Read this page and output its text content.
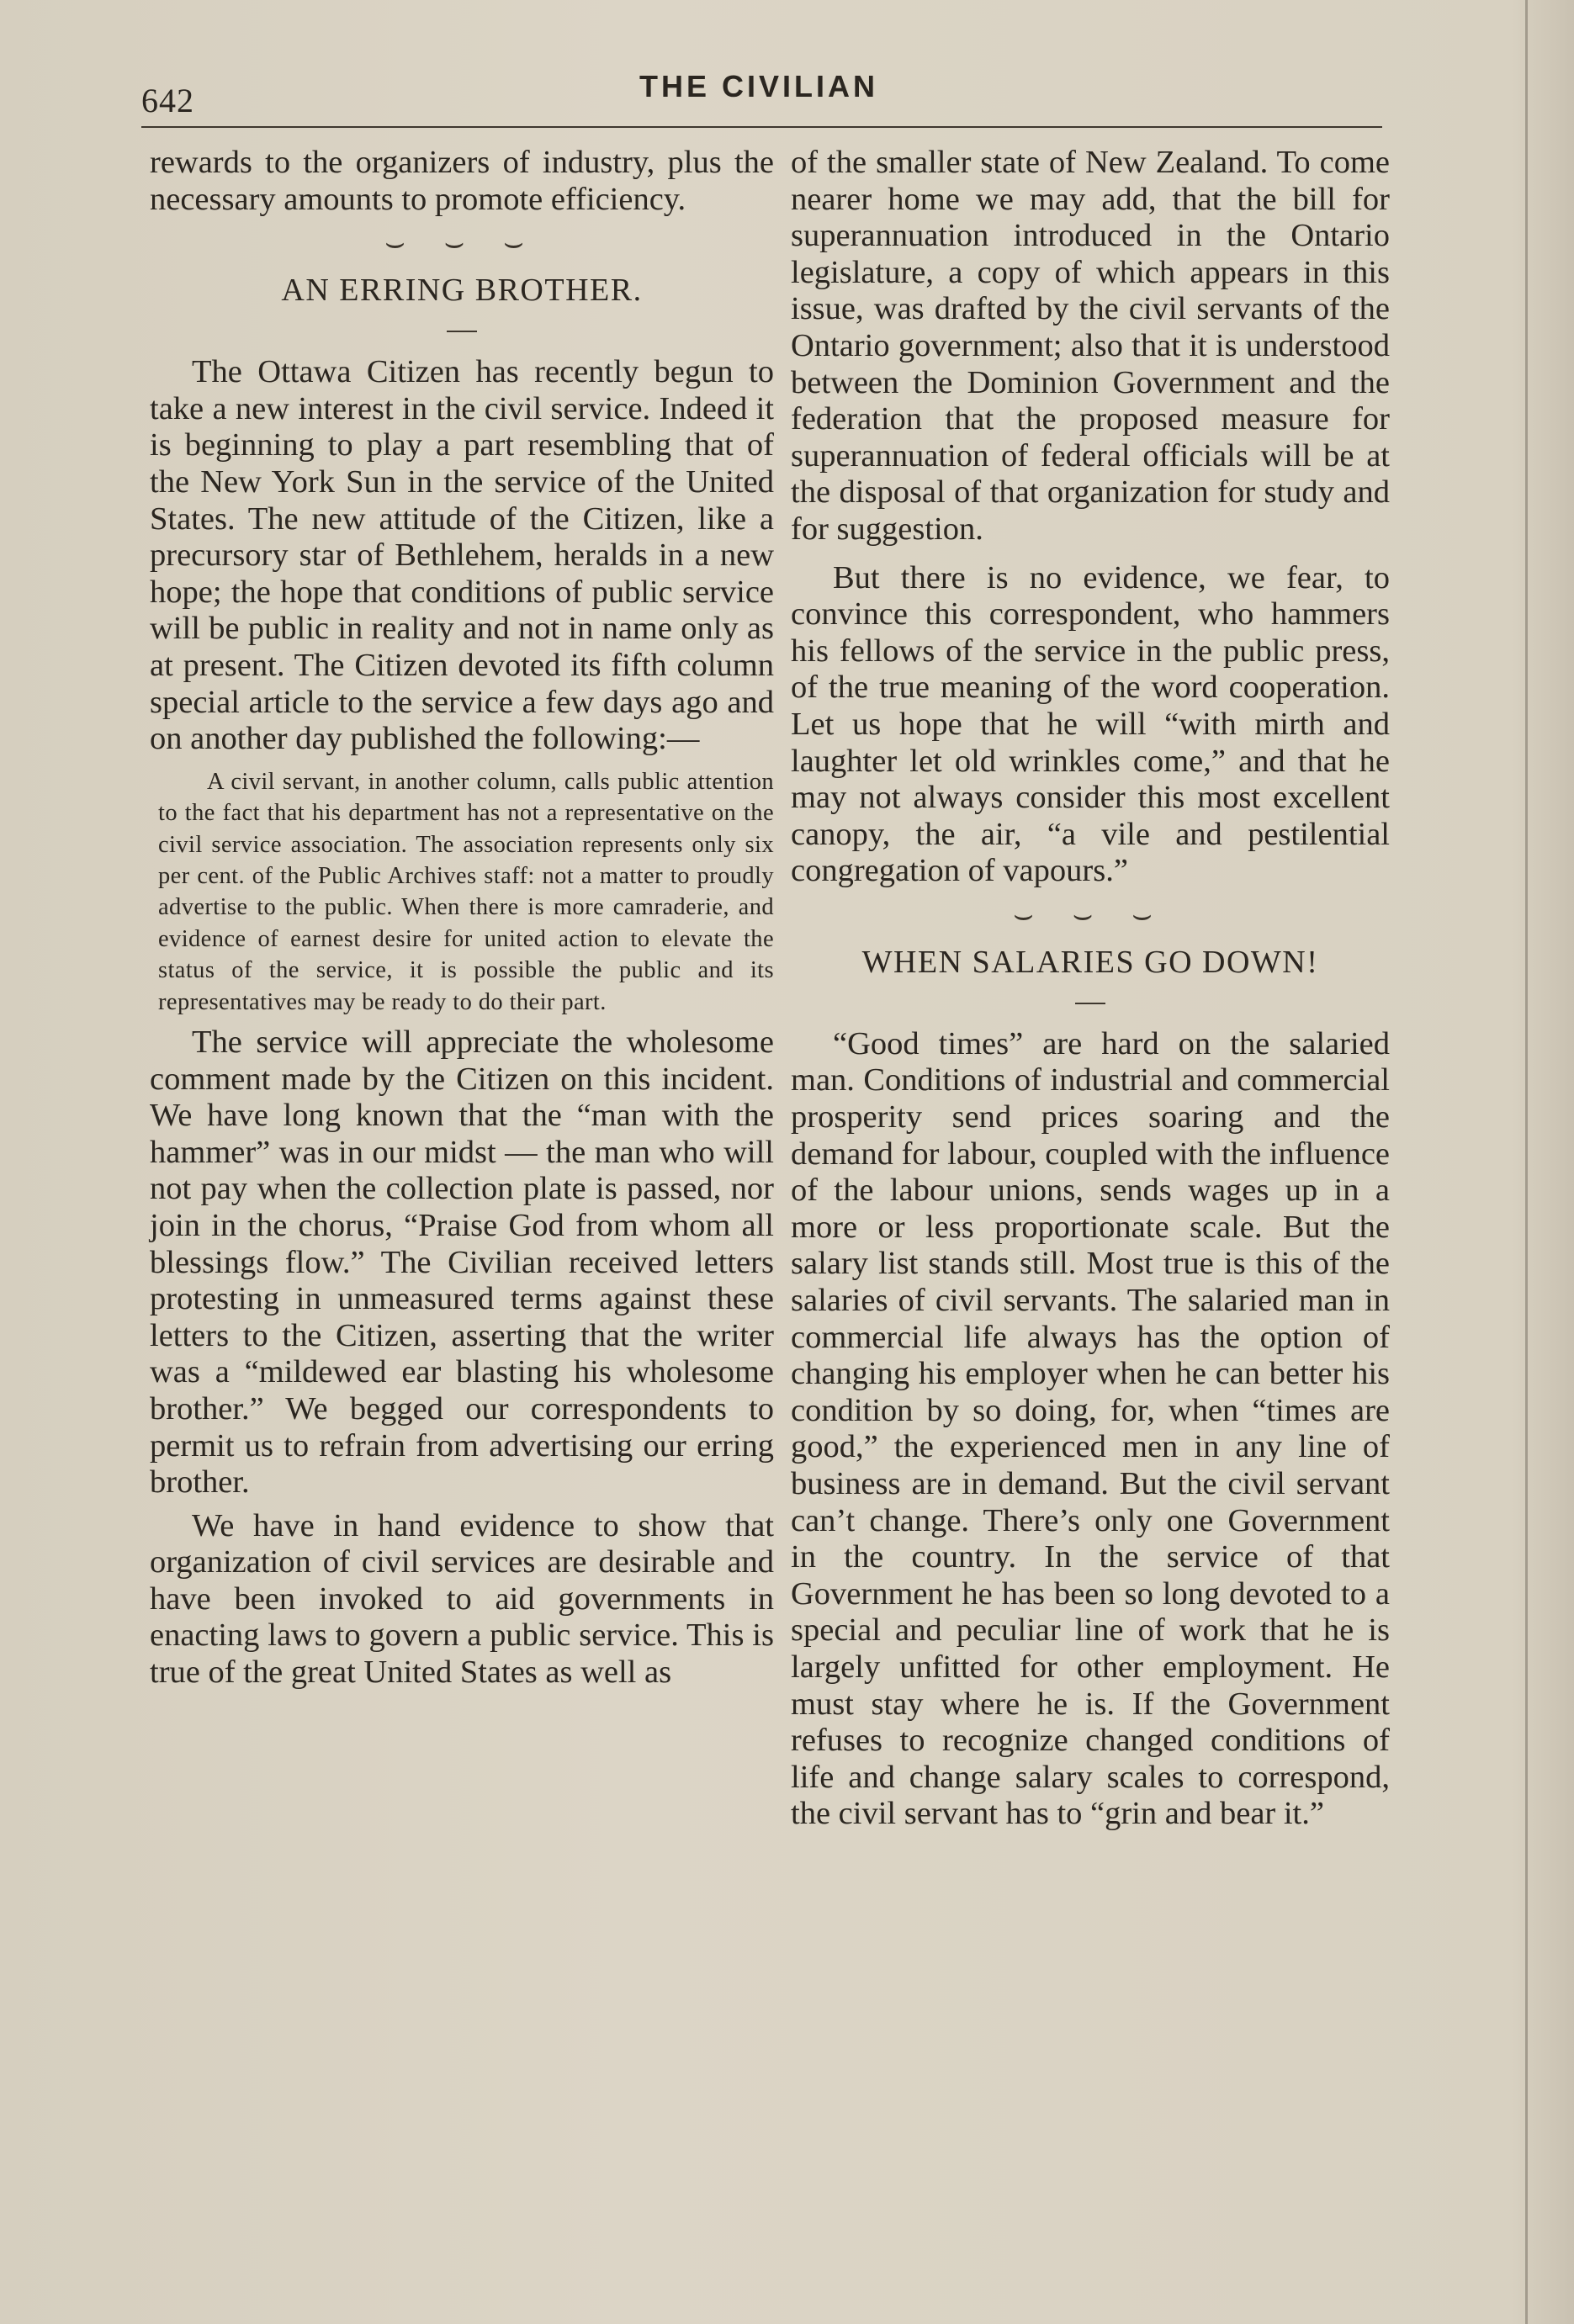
642	THE CIVILIAN

rewards to the organizers of industry, plus the necessary amounts to promote efficiency.

⌣ ⌣ ⌣
AN ERRING BROTHER.

The Ottawa Citizen has recently begun to take a new interest in the civil service. Indeed it is beginning to play a part resembling that of the New York Sun in the service of the United States. The new attitude of the Citizen, like a precursory star of Bethlehem, heralds in a new hope; the hope that conditions of public service will be public in reality and not in name only as at present. The Citizen devoted its fifth column special article to the service a few days ago and on another day published the following:—

A civil servant, in another column, calls public attention to the fact that his department has not a representative on the civil service association. The association represents only six per cent. of the Public Archives staff: not a matter to proudly advertise to the public. When there is more camraderie, and evidence of earnest desire for united action to elevate the status of the service, it is possible the public and its representatives may be ready to do their part.

The service will appreciate the wholesome comment made by the Citizen on this incident. We have long known that the “man with the hammer” was in our midst — the man who will not pay when the collection plate is passed, nor join in the chorus, “Praise God from whom all blessings flow.” The Civilian received letters protesting in unmeasured terms against these letters to the Citizen, asserting that the writer was a “mildewed ear blasting his wholesome brother.” We begged our correspondents to permit us to refrain from advertising our erring brother.

We have in hand evidence to show that organization of civil services are desirable and have been invoked to aid governments in enacting laws to govern a public service. This is true of the great United States as well as

of the smaller state of New Zealand. To come nearer home we may add, that the bill for superannuation introduced in the Ontario legislature, a copy of which appears in this issue, was drafted by the civil servants of the Ontario government; also that it is understood between the Dominion Government and the federation that the proposed measure for superannuation of federal officials will be at the disposal of that organization for study and for suggestion.

But there is no evidence, we fear, to convince this correspondent, who hammers his fellows of the service in the public press, of the true meaning of the word cooperation. Let us hope that he will “with mirth and laughter let old wrinkles come,” and that he may not always consider this most excellent canopy, the air, “a vile and pestilential congregation of vapours.”

⌣ ⌣ ⌣
WHEN SALARIES GO DOWN!

“Good times” are hard on the salaried man. Conditions of industrial and commercial prosperity send prices soaring and the demand for labour, coupled with the influence of the labour unions, sends wages up in a more or less proportionate scale. But the salary list stands still. Most true is this of the salaries of civil servants. The salaried man in commercial life always has the option of changing his employer when he can better his condition by so doing, for, when “times are good,” the experienced men in any line of business are in demand. But the civil servant can’t change. There’s only one Government in the country. In the service of that Government he has been so long devoted to a special and peculiar line of work that he is largely unfitted for other employment. He must stay where he is. If the Government refuses to recognize changed conditions of life and change salary scales to correspond, the civil servant has to “grin and bear it.”
